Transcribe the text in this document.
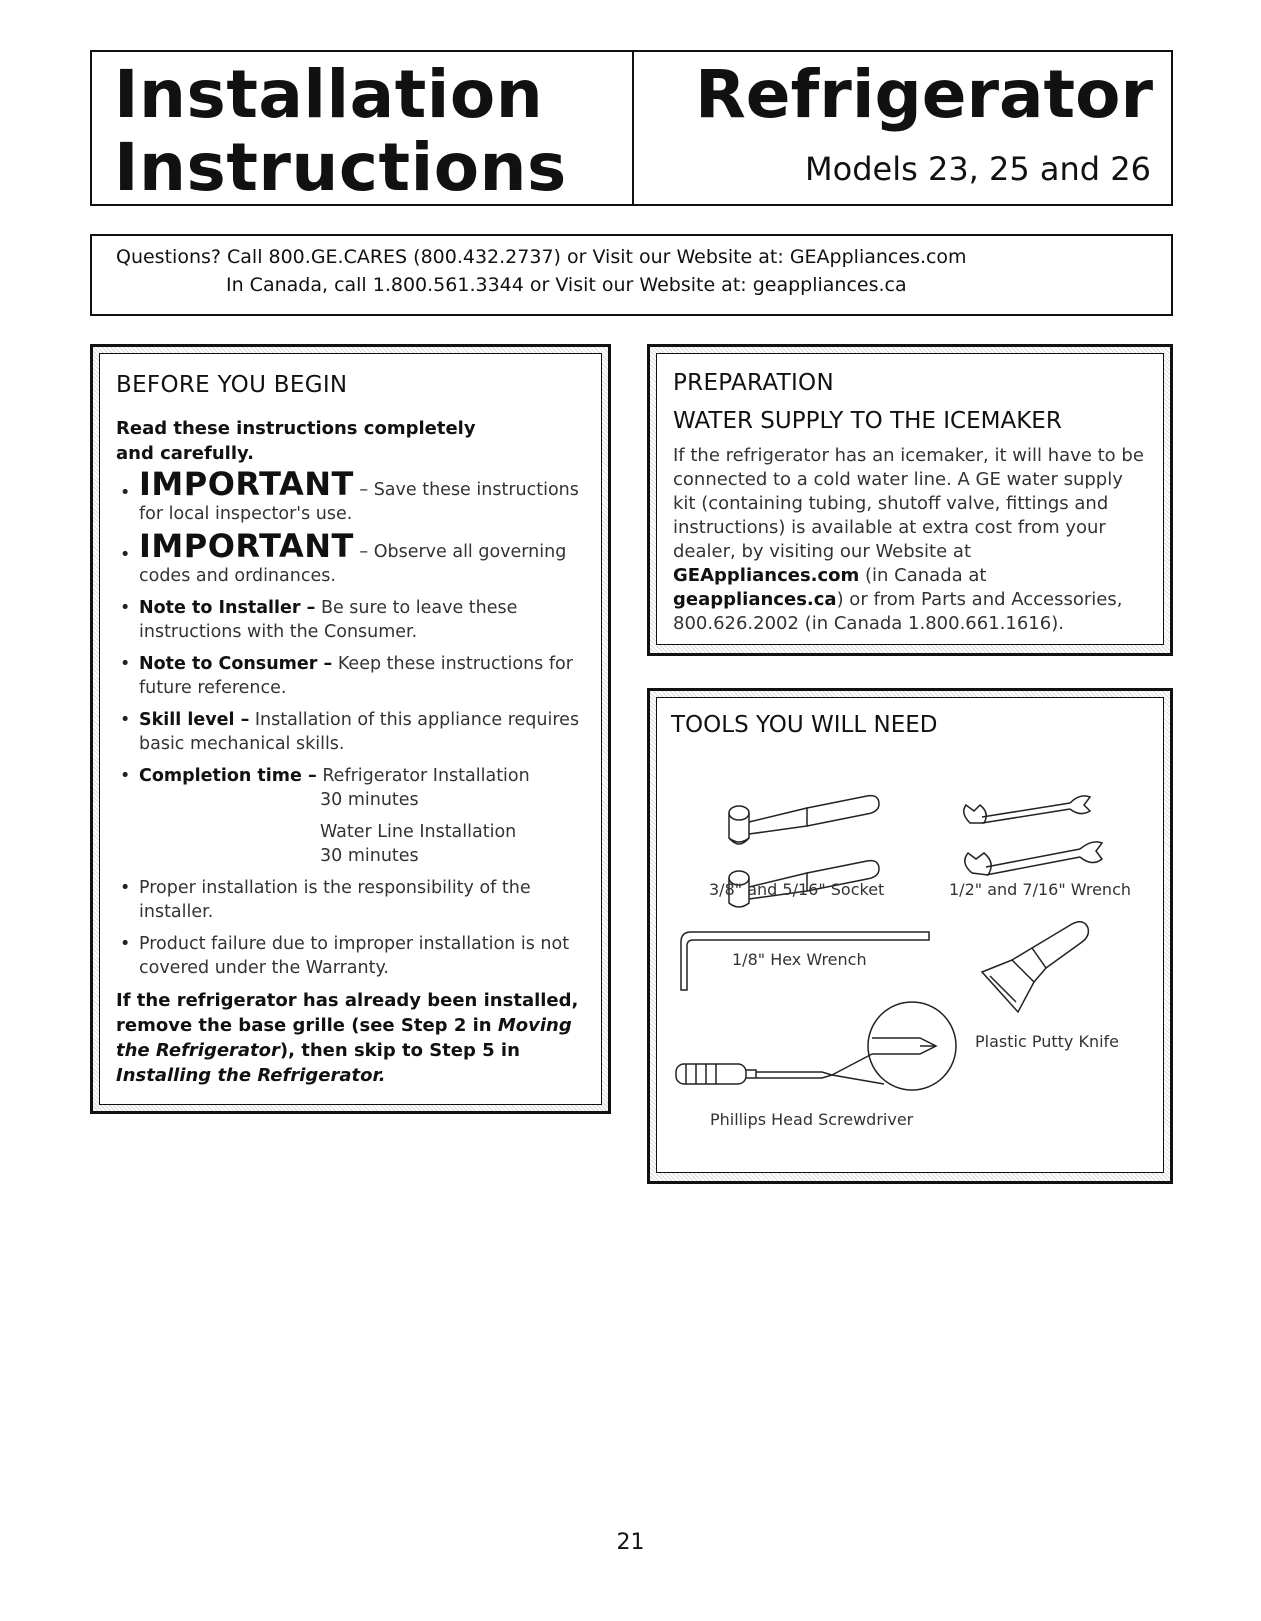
Installation
Instructions
Refrigerator
Models 23, 25 and 26

Questions? Call 800.GE.CARES (800.432.2737) or Visit our Website at: GEAppliances.com

In Canada, call 1.800.561.3344 or Visit our Website at: geappliances.ca

BEFORE YOU BEGIN
Read these instructions completely
and carefully.
• IMPORTANT – Save these instructions for local inspector's use.
• IMPORTANT – Observe all governing codes and ordinances.
• Note to Installer – Be sure to leave these instructions with the Consumer.
• Note to Consumer – Keep these instructions for future reference.
• Skill level – Installation of this appliance requires basic mechanical skills.
• Completion time – Refrigerator Installation
30 minutes
Water Line Installation
30 minutes
• Proper installation is the responsibility of the installer.
• Product failure due to improper installation is not covered under the Warranty.
If the refrigerator has already been installed, remove the base grille (see Step 2 in Moving the Refrigerator), then skip to Step 5 in Installing the Refrigerator.
PREPARATION
WATER SUPPLY TO THE ICEMAKER

If the refrigerator has an icemaker, it will have to be connected to a cold water line. A GE water supply kit (containing tubing, shutoff valve, fittings and instructions) is available at extra cost from your dealer, by visiting our Website at GEAppliances.com (in Canada at geappliances.ca) or from Parts and Accessories, 800.626.2002 (in Canada 1.800.661.1616).

TOOLS YOU WILL NEED
3/8" and 5/16" Socket	1/2" and 7/16" Wrench
1/8" Hex Wrench
Plastic Putty Knife
Phillips Head Screwdriver
21
